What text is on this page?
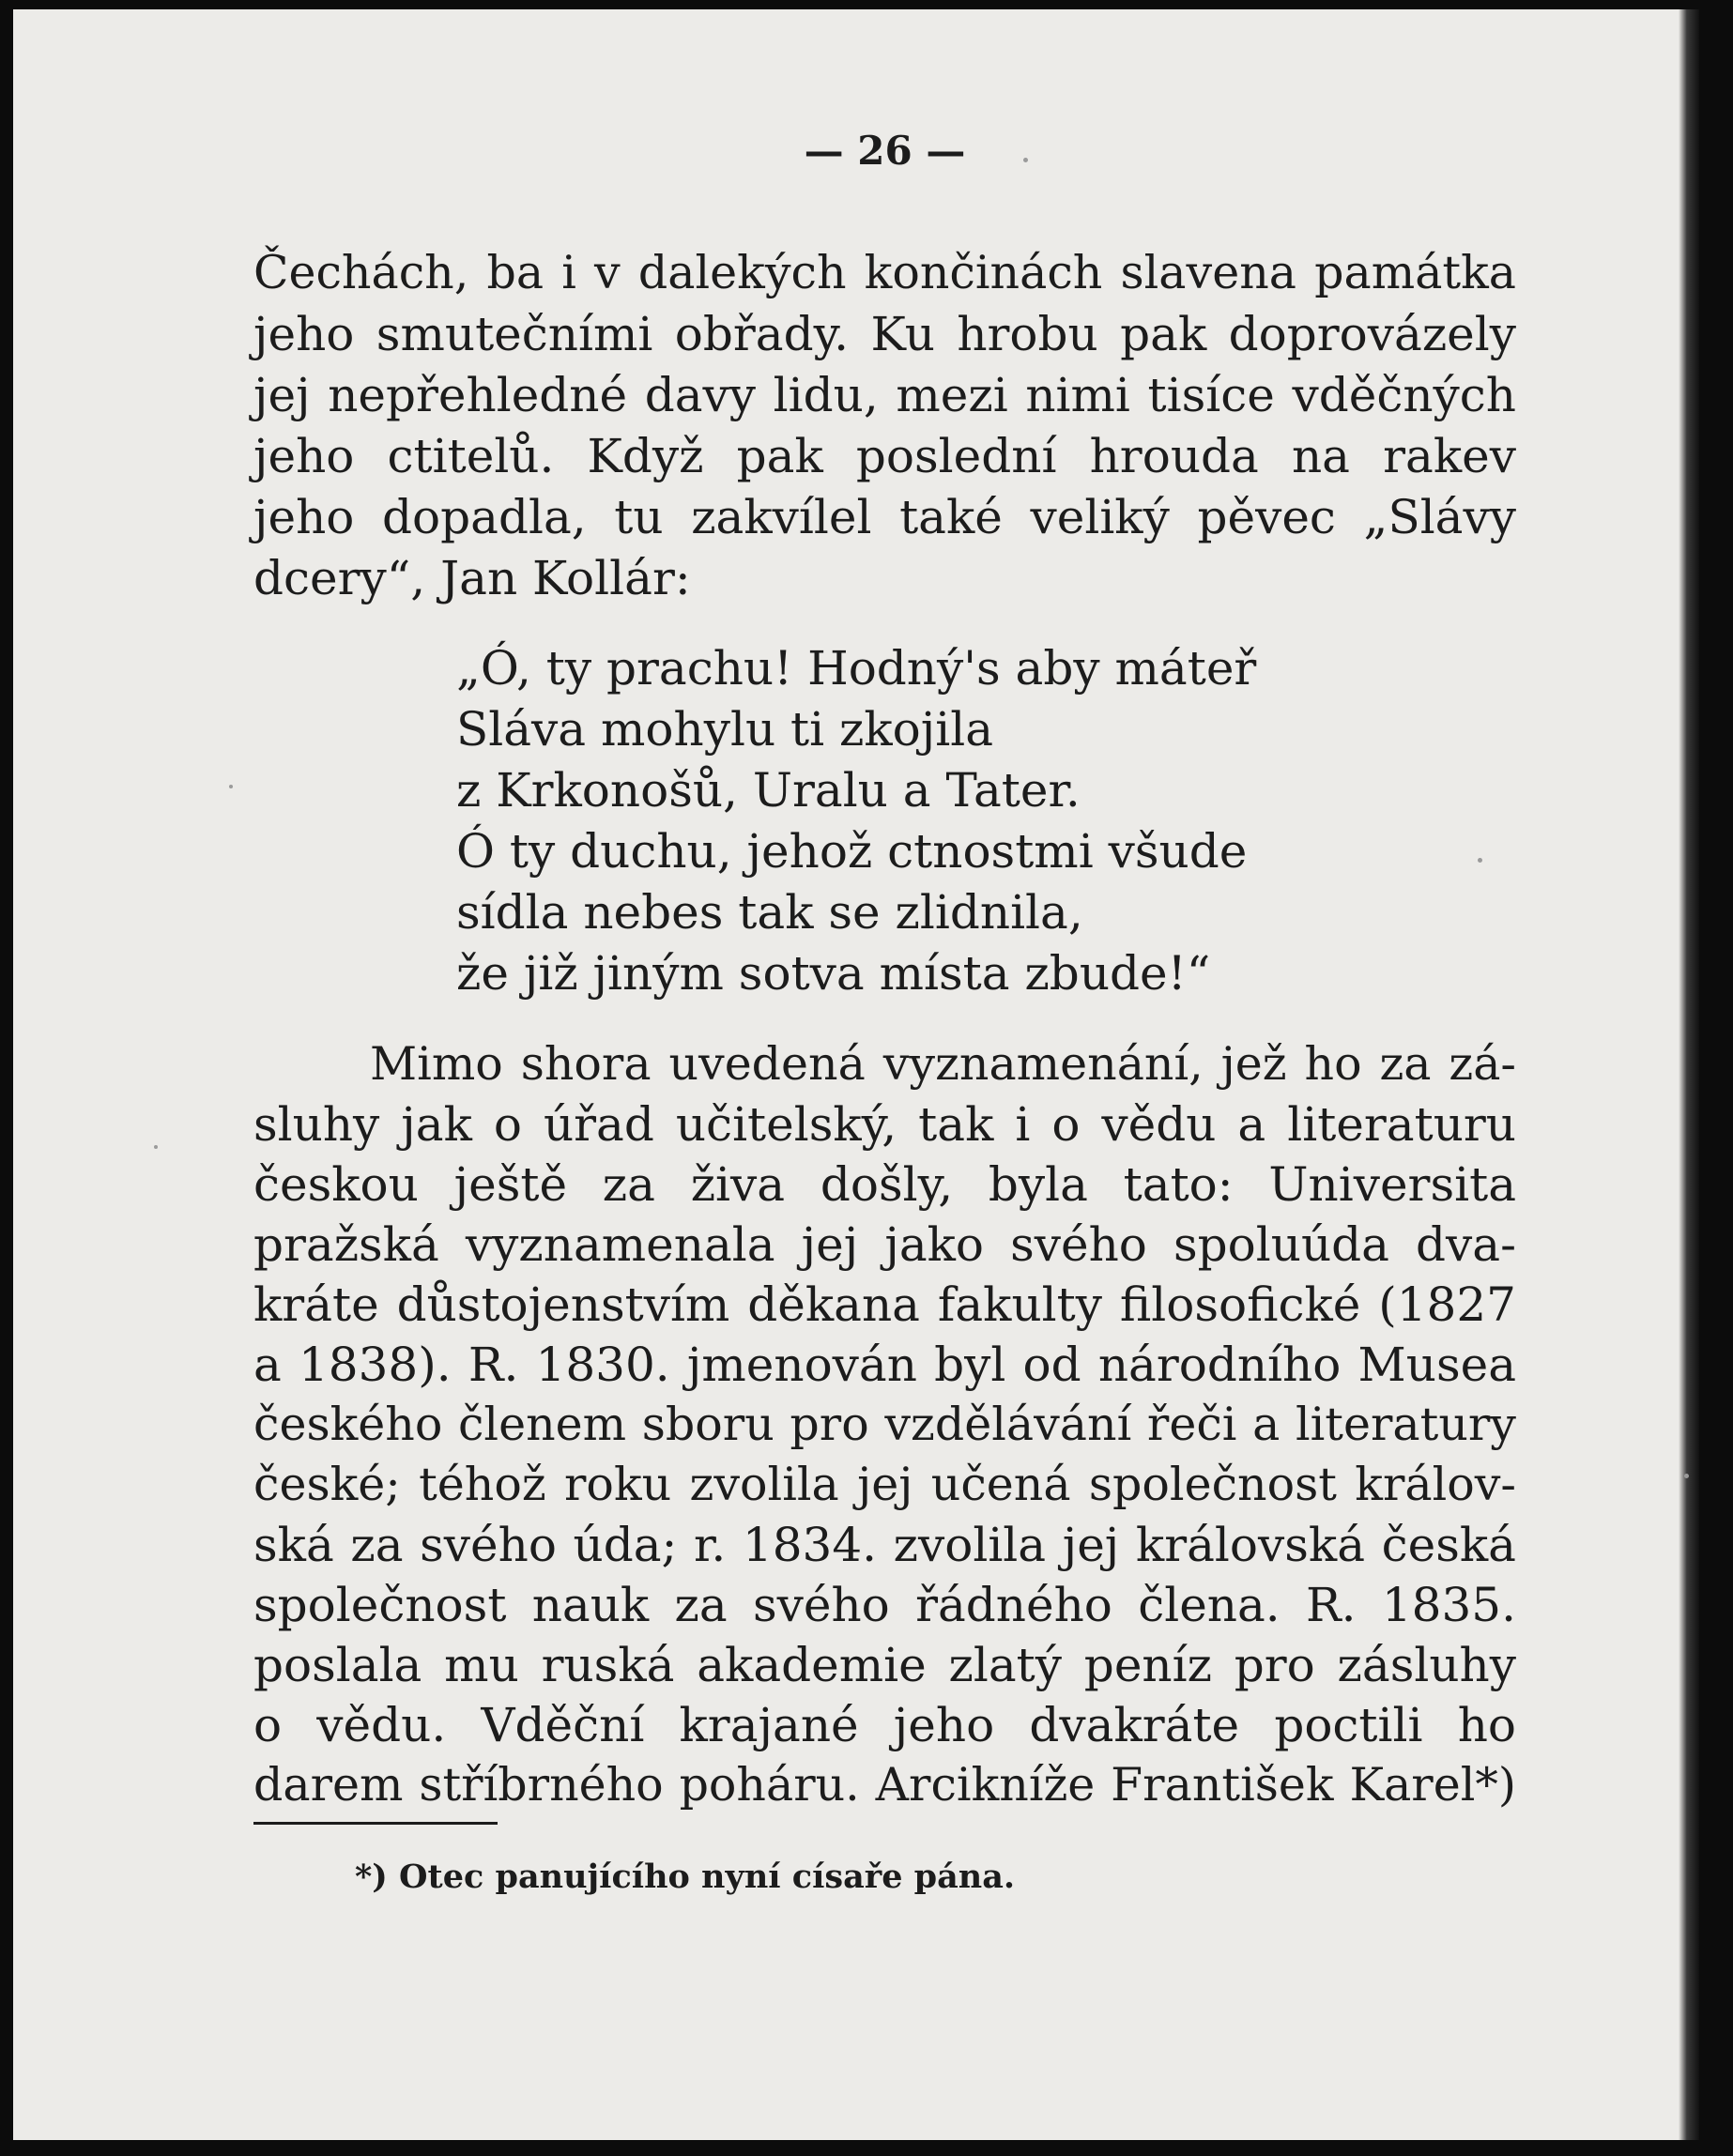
— 26 —
Čechách, ba i v dalekých končinách slavena památka
jeho smutečními obřady. Ku hrobu pak doprovázely
jej nepřehledné davy lidu, mezi nimi tisíce vděčných
jeho ctitelů. Když pak poslední hrouda na rakev
jeho dopadla, tu zakvílel také veliký pěvec „Slávy
dcery“, Jan Kollár:
„Ó, ty prachu! Hodný's aby máteř
Sláva mohylu ti zkojila
z Krkonošů, Uralu a Tater.
Ó ty duchu, jehož ctnostmi všude
sídla nebes tak se zlidnila,
že již jiným sotva místa zbude!“
Mimo shora uvedená vyznamenání, jež ho za zá-
sluhy jak o úřad učitelský, tak i o vědu a literaturu
českou ještě za živa došly, byla tato: Universita
pražská vyznamenala jej jako svého spoluúda dva-
kráte důstojenstvím děkana fakulty filosofické (1827
a 1838). R. 1830. jmenován byl od národního Musea
českého členem sboru pro vzdělávání řeči a literatury
české; téhož roku zvolila jej učená společnost králov-
ská za svého úda; r. 1834. zvolila jej královská česká
společnost nauk za svého řádného člena. R. 1835.
poslala mu ruská akademie zlatý peníz pro zásluhy
o vědu. Vděční krajané jeho dvakráte poctili ho
darem stříbrného poháru. Arcikníže František Karel*)
*) Otec panujícího nyní císaře pána.
